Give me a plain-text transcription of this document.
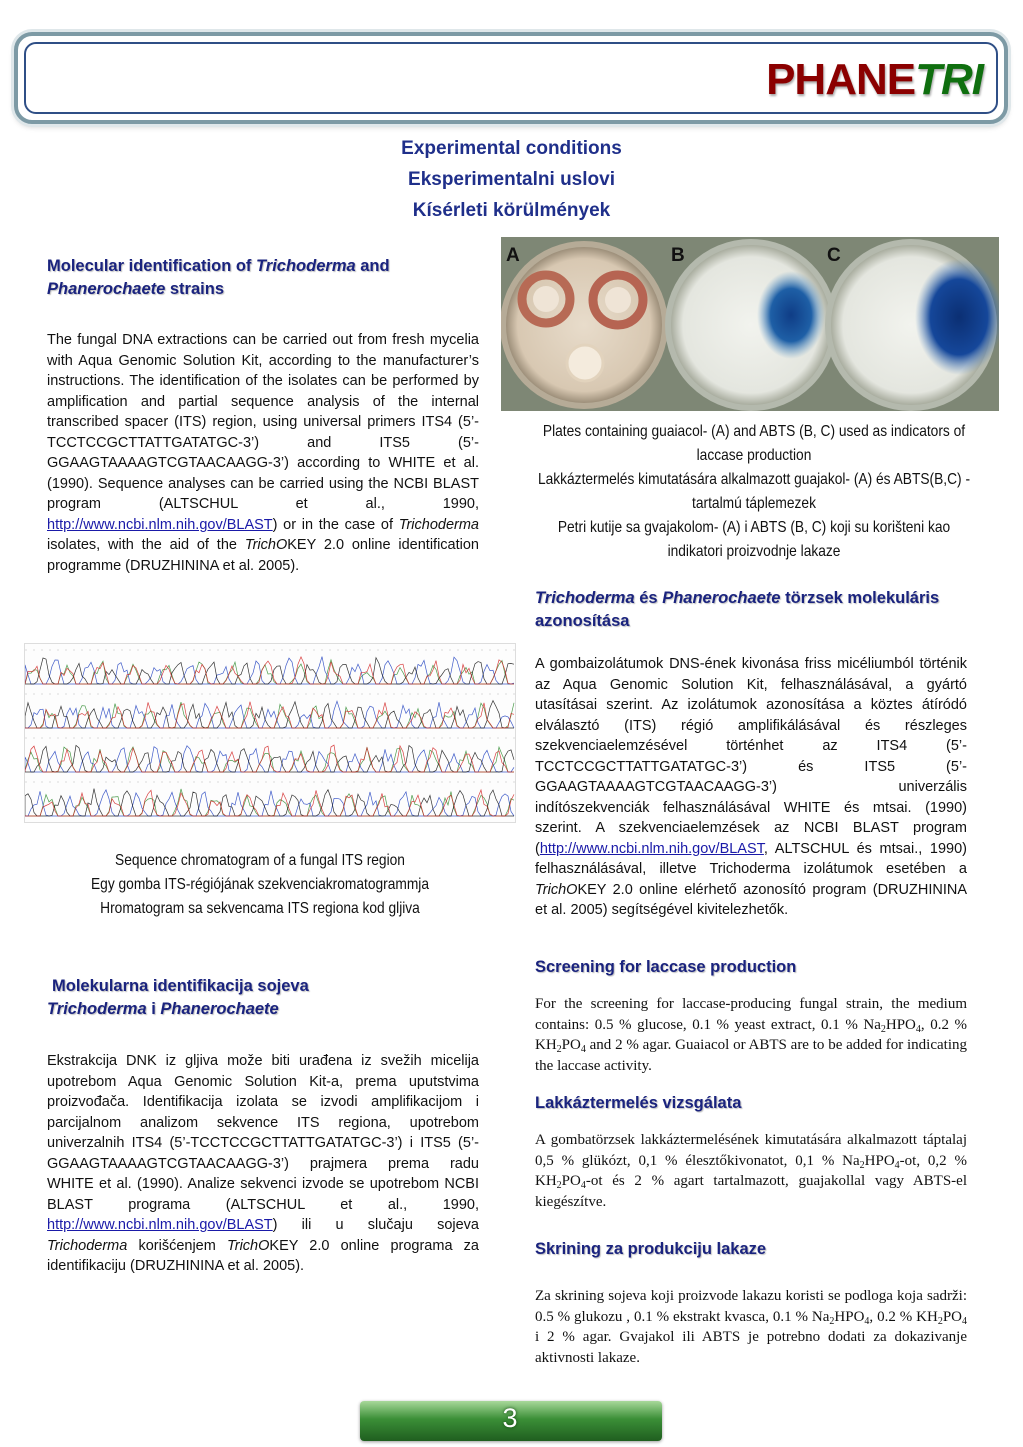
PHANETRI
Experimental conditions
Eksperimentalni uslovi
Kísérleti körülmények
Molecular identification of Trichoderma and
Phanerochaete strains
The fungal DNA extractions can be carried out from fresh mycelia with Aqua Genomic Solution Kit, according to the manufacturer’s instructions. The identification of the isolates can be performed by amplification and partial sequence analysis of the internal transcribed spacer (ITS) region, using universal primers ITS4 (5’-TCCTCCGCTTATTGATATGC-3’) and ITS5 (5’-GGAAGTAAAAGTCGTAACAAGG-3’) according to WHITE et al. (1990). Sequence analyses can be carried using the NCBI BLAST program (ALTSCHUL et al., 1990, http://www.ncbi.nlm.nih.gov/BLAST) or in the case of Trichoderma isolates, with the aid of the TrichOKEY 2.0 online identification programme (DRUZHININA et al. 2005).
A	B	C
Plates containing guaiacol- (A) and ABTS (B, C) used as indicators of laccase production
Lakkáztermelés kimutatására alkalmazott guajakol- (A) és ABTS(B,C) -tartalmú táplemezek
Petri kutije sa gvajakolom- (A) i ABTS (B, C) koji su korišteni kao indikatori proizvodnje lakaze
Trichoderma és Phanerochaete törzsek molekuláris azonosítása
A gombaizolátumok DNS-ének kivonása friss micéliumból történik az Aqua Genomic Solution Kit, felhasználásával, a gyártó utasításai szerint. Az izolátumok azonosítása a köztes átíródó elválasztó (ITS) régió amplifikálásával és részleges szekvenciaelemzésével történhet az ITS4 (5’-TCCTCCGCTTATTGATATGC-3’) és ITS5 (5’-GGAAGTAAAAGTCGTAACAAGG-3’) univerzális indítószekvenciák felhasználásával WHITE és mtsai. (1990) szerint. A szekvenciaelemzések az NCBI BLAST program (http://www.ncbi.nlm.nih.gov/BLAST, ALTSCHUL és mtsai., 1990) felhasználásával, illetve Trichoderma izolátumok esetében a TrichOKEY 2.0 online elérhető azonosító program (DRUZHININA et al. 2005) segítségével kivitelezhetők.
Sequence chromatogram of a fungal ITS region
Egy gomba ITS-régiójának szekvenciakromatogrammja
Hromatogram sa sekvencama ITS regiona kod gljiva
Screening for laccase production
For the screening for laccase-producing fungal strain, the medium contains: 0.5 % glucose, 0.1 % yeast extract, 0.1 % $Na_2HPO_4$, 0.2 % $KH_2PO_4$ and 2 % agar. Guaiacol or ABTS are to be added for indicating the laccase activity.
Molekularna identifikacija sojeva
Trichoderma i Phanerochaete
Ekstrakcija DNK iz gljiva može biti urađena iz svežih micelija upotrebom Aqua Genomic Solution Kit-a, prema uputstvima proizvođača. Identifikacija izolata se izvodi amplifikacijom i parcijalnom analizom sekvence ITS regiona, upotrebom univerzalnih ITS4 (5’-TCCTCCGCTTATTGATATGC-3’) i ITS5 (5’-GGAAGTAAAAGTCGTAACAAGG-3’) prajmera prema radu WHITE et al. (1990). Analize sekvenci izvode se upotrebom NCBI BLAST programa (ALTSCHUL et al., 1990, http://www.ncbi.nlm.nih.gov/BLAST) ili u slučaju sojeva Trichoderma korišćenjem TrichOKEY 2.0 online programa za identifikaciju (DRUZHININA et al. 2005).
Lakkáztermelés vizsgálata
A gombatörzsek lakkáztermelésének kimutatására alkalmazott táptalaj 0,5 % glükózt, 0,1 % élesztőkivonatot, 0,1 % $Na_2HPO_4-ot$, 0,2 % $KH_2PO_4-ot$ és 2 % agart tartalmazott, guajakollal vagy ABTS-el kiegészítve.
Skrining za produkciju lakaze
Za skrining sojeva koji proizvode lakazu koristi se podloga koja sadrži: 0.5 % glukozu , 0.1 % ekstrakt kvasca, 0.1 % $Na_2HPO_4$, 0.2 % $KH_2PO_4$ i 2 % agar. Gvajakol ili ABTS je potrebno dodati za dokazivanje aktivnosti lakaze.
3
